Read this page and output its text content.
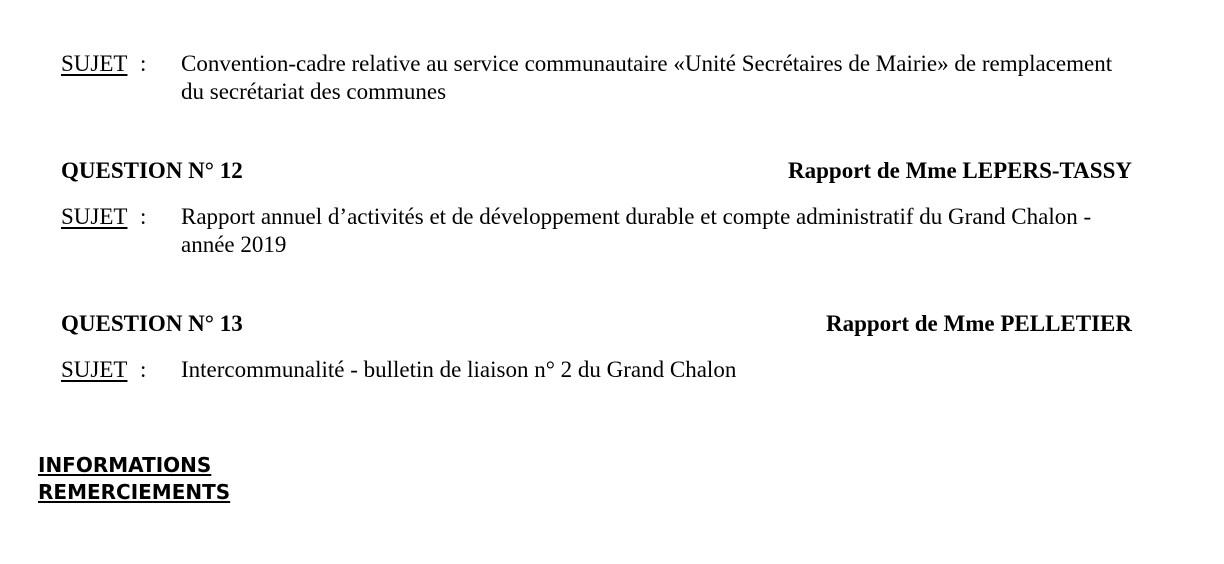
SUJET : Convention-cadre relative au service communautaire «Unité Secrétaires de Mairie» de remplacement du secrétariat des communes
QUESTION N° 12	Rapport de Mme LEPERS-TASSY
SUJET : Rapport annuel d’activités et de développement durable et compte administratif du Grand Chalon - année 2019
QUESTION N° 13	Rapport de Mme PELLETIER
SUJET : Intercommunalité - bulletin de liaison n° 2 du Grand Chalon
INFORMATIONS
REMERCIEMENTS
